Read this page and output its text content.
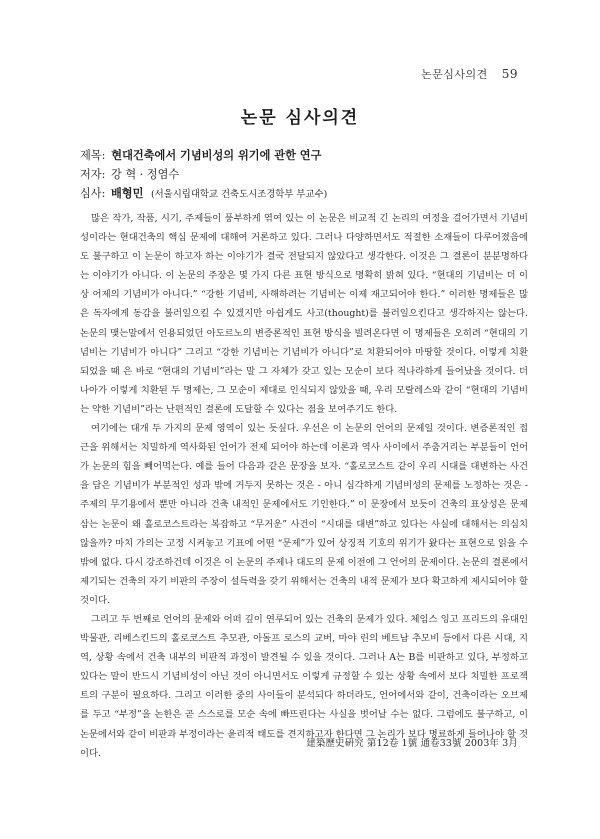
논문심사의견 59
논문 심사의견
제목: 현대건축에서 기념비성의 위기에 관한 연구
저자: 강 혁 · 정염수
심사: 배형민 (서울시립대학교 건축도시조경학부 부교수)

많은 작가, 작품, 시기, 주제들이 풍부하게 엮여 있는 이 논문은 비교적 긴 논리의 여정을 걸어가면서 기념비성이라는 현대건축의 핵심 문제에 대해여 거론하고 있다. 그러나 다양하면서도 적절한 소재들이 다루어졌음에도 불구하고 이 논문이 하고자 하는 이야기가 결국 전달되지 않았다고 생각한다. 이것은 그 결론이 분분명하다는 이야기가 아니다. 이 논문의 주장은 몇 가지 다른 표현 방식으로 명확히 밝혀 있다. “현대의 기념비는 더 이상 어제의 기념비가 아니다.” “강한 기념비, 사해하려는 기념비는 이제 재고되어야 한다.” 이러한 명제들은 많은 독자에게 동감을 불러일으킬 수 있겠지만 아쉽게도 사고(thought)를 불러일으킨다고 생각하지는 않는다. 논문의 맺는말에서 인용되었던 아도르노의 변증론적인 표현 방식을 빌려온다면 이 명제들은 오히려 “현대의 기념비는 기념비가 아니다” 그리고 “강한 기념비는 기념비가 아니다”로 치환되어야 마땅할 것이다. 이렇게 치환되었을 때 은 바로 “현대의 기념비”라는 말 그 자체가 갖고 있는 모순이 보다 적나라하게 들어났을 것이다. 더 나아가 이렇게 치환된 두 명제는, 그 모순이 제대로 인식되지 않았을 때, 우리 모랄레스와 같이 “현대의 기념비는 약한 기념비”라는 난편적인 결론에 도달할 수 있다는 점을 보여주기도 한다.

여기에는 대개 두 가지의 문제 영역이 있는 듯싶다. 우선은 이 논문의 언어의 문제일 것이다. 변증론적인 접근을 위해서는 치밀하게 역사화된 언어가 전제 되어야 하는데 이론과 역사 사이에서 주춤거리는 부분들이 언어가 논문의 힘을 빼어먹는다. 예를 들어 다음과 같은 문장을 보자. “홀로코스트 같이 우리 시대를 대변하는 사건을 담은 기념비가 부분적인 성과 밖에 거두지 못하는 것은 - 아니 심각하게 기념비성의 문제를 노정하는 것은 - 주제의 무기용에서 뿐만 아니라 건축 내적인 문제에서도 기인한다.” 이 문장에서 보듯이 건축의 표상성은 문제 삼는 논문이 왜 홀로코스트라는 복잡하고 “무거운” 사건이 “시대를 대변”하고 있다는 사실에 대해서는 의심치 않을까? 마치 가의는 고정 시켜놓고 기표에 어떤 “문제”가 있어 상징적 기호의 위기가 왔다는 표현으로 읽을 수밖에 없다. 다시 강조하건데 이것은 이 논문의 주제나 대도의 문제 이전에 그 언어의 문제이다. 논문의 결론에서 제기되는 건축의 자기 비판의 주장이 설득력을 갖기 위해서는 건축의 내적 문제가 보다 확고하게 제시되어야 할 것이다.

그리고 두 번째로 언어의 문제와 어떠 깊이 연루되어 있는 건축의 문제가 있다. 체임스 잉고 프리드의 유대인 박물관, 리베스킨드의 홀로코스트 추모관, 아돌프 로스의 교버, 마야 린의 베트남 추모비 등에서 다른 시대, 지역, 상황 속에서 건축 내부의 비판적 과정이 발견될 수 있을 것이다. 그러나 A는 B를 비판하고 있다, 부정하고 있다는 말이 반드시 기념비성이 아닌 것이 아니면서도 이렇게 규정할 수 있는 상황 속에서 보다 치밀한 프로젝트의 구분이 필요하다. 그리고 이러한 중의 사이들이 분석되다 하더라도, 언어에서와 같이, 건축이라는 오브제를 두고 “부정”을 논한은 곧 스스로를 모순 속에 빠뜨린다는 사실을 벗어날 수는 없다. 그럼에도 불구하고, 이 논문에서와 같이 비판과 부정이라는 윤리적 태도를 견지하고자 한다면 그 논리가 보다 명료하게 들어나야 할 것이다.

建築歷史硏究 第12卷 1號 通卷33號 2003年 3月
